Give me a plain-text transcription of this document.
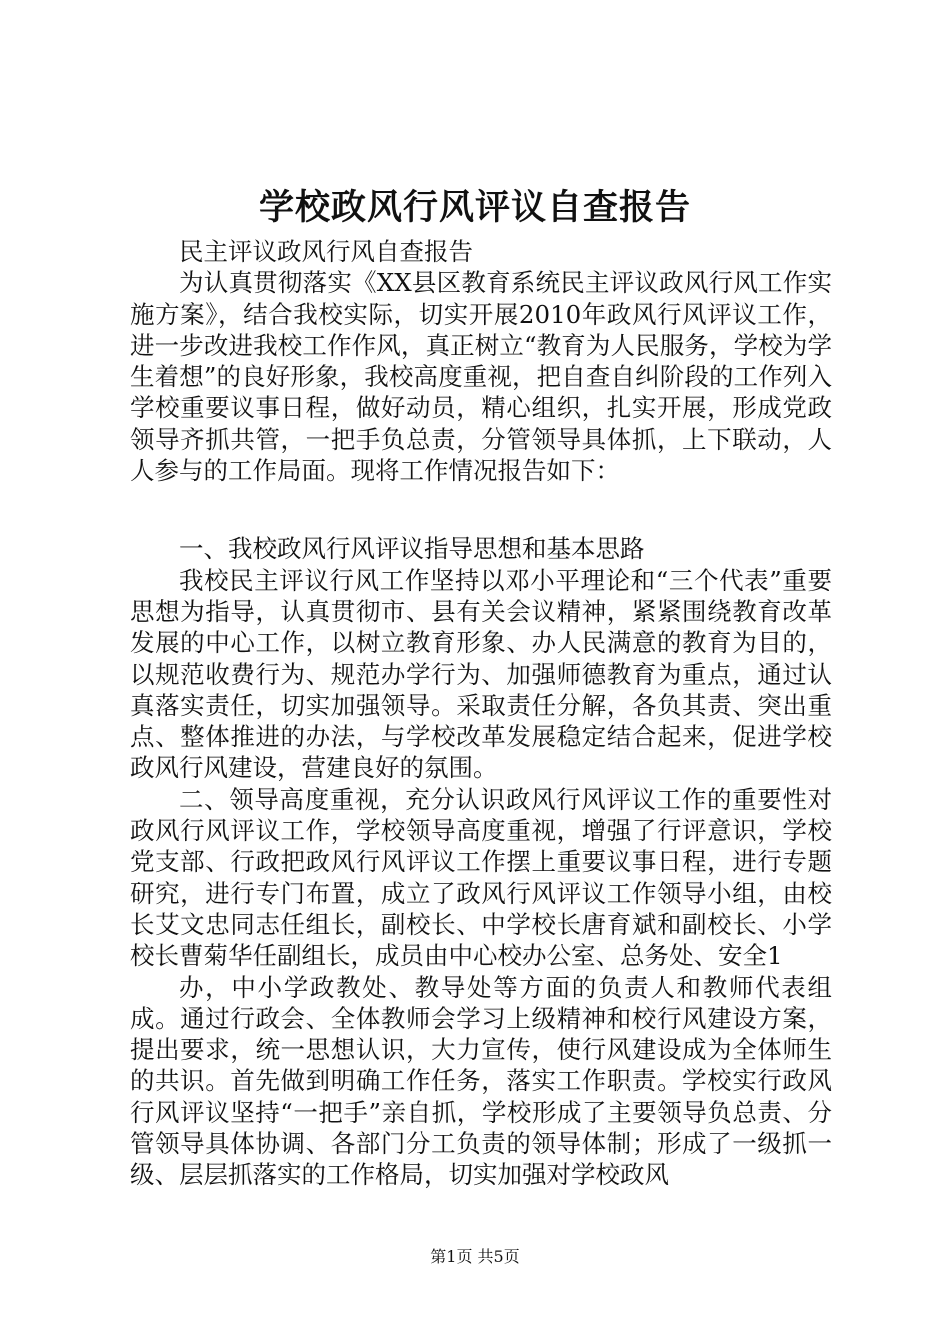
学校政风行风评议自查报告

民主评议政风行风自查报告

为认真贯彻落实《XX县区教育系统民主评议政风行风工作实施方案》，结合我校实际，切实开展2010年政风行风评议工作，进一步改进我校工作作风，真正树立“教育为人民服务，学校为学生着想”的良好形象，我校高度重视，把自查自纠阶段的工作列入学校重要议事日程，做好动员，精心组织，扎实开展，形成党政领导齐抓共管，一把手负总责，分管领导具体抓，上下联动，人人参与的工作局面。现将工作情况报告如下：

一、我校政风行风评议指导思想和基本思路

我校民主评议行风工作坚持以邓小平理论和“三个代表”重要思想为指导，认真贯彻市、县有关会议精神，紧紧围绕教育改革发展的中心工作，以树立教育形象、办人民满意的教育为目的，以规范收费行为、规范办学行为、加强师德教育为重点，通过认真落实责任，切实加强领导。采取责任分解，各负其责、突出重点、整体推进的办法，与学校改革发展稳定结合起来，促进学校政风行风建设，营建良好的氛围。

二、领导高度重视，充分认识政风行风评议工作的重要性对政风行风评议工作，学校领导高度重视，增强了行评意识，学校党支部、行政把政风行风评议工作摆上重要议事日程，进行专题研究，进行专门布置，成立了政风行风评议工作领导小组，由校长艾文忠同志任组长，副校长、中学校长唐育斌和副校长、小学校长曹菊华任副组长，成员由中心校办公室、总务处、安全1

办，中小学政教处、教导处等方面的负责人和教师代表组成。通过行政会、全体教师会学习上级精神和校行风建设方案，提出要求，统一思想认识，大力宣传，使行风建设成为全体师生的共识。首先做到明确工作任务，落实工作职责。学校实行政风行风评议坚持“一把手”亲自抓，学校形成了主要领导负总责、分管领导具体协调、各部门分工负责的领导体制；形成了一级抓一级、层层抓落实的工作格局，切实加强对学校政风

第1页 共5页
